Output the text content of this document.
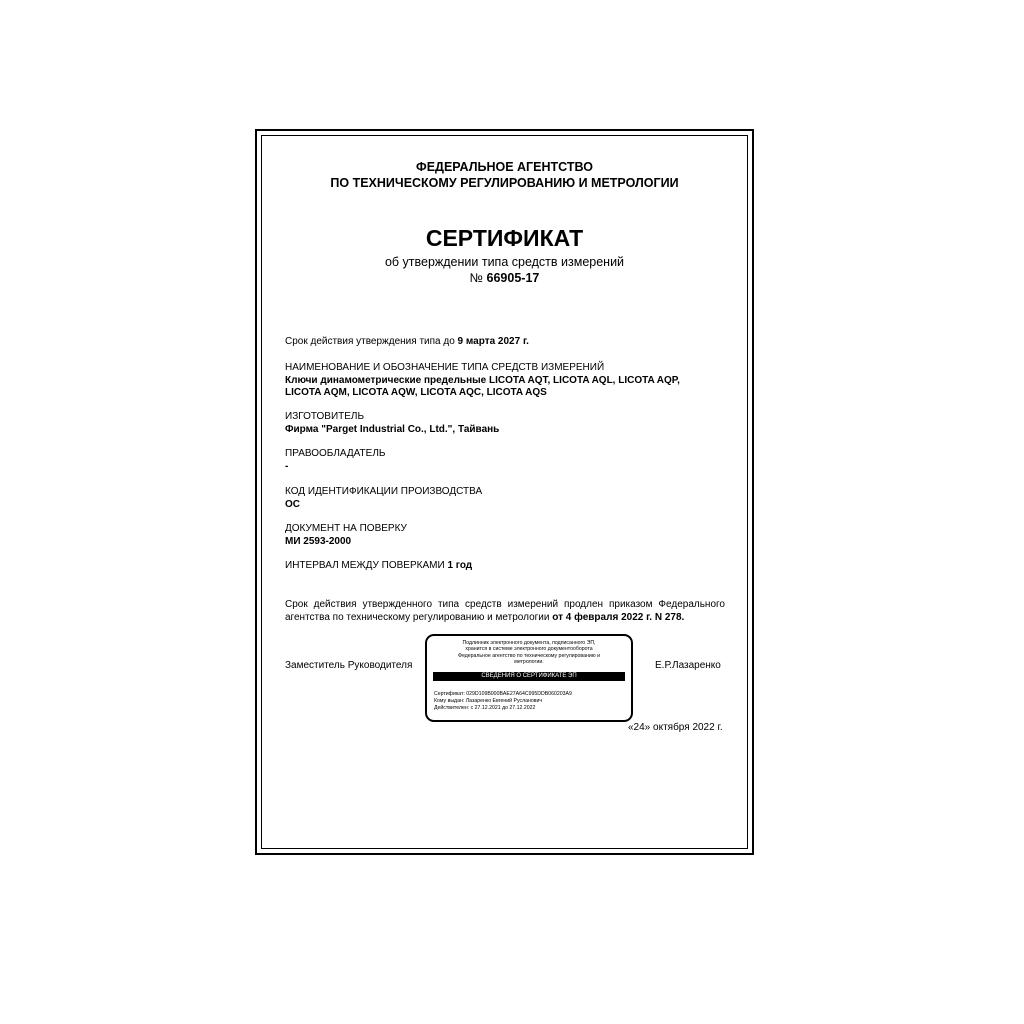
ФЕДЕРАЛЬНОЕ АГЕНТСТВО
ПО ТЕХНИЧЕСКОМУ РЕГУЛИРОВАНИЮ И МЕТРОЛОГИИ
СЕРТИФИКАТ
об утверждении типа средств измерений
№ 66905-17
Срок действия утверждения типа до 9 марта 2027 г.
НАИМЕНОВАНИЕ И ОБОЗНАЧЕНИЕ ТИПА СРЕДСТВ ИЗМЕРЕНИЙ
Ключи динамометрические предельные LICOTA AQT, LICOTA AQL, LICOTA AQP,
LICOTA AQM, LICOTA AQW, LICOTA AQC, LICOTA AQS
ИЗГОТОВИТЕЛЬ
Фирма "Parget Industrial Co., Ltd.", Тайвань
ПРАВООБЛАДАТЕЛЬ
-
КОД ИДЕНТИФИКАЦИИ ПРОИЗВОДСТВА
ОС
ДОКУМЕНТ НА ПОВЕРКУ
МИ 2593-2000
ИНТЕРВАЛ МЕЖДУ ПОВЕРКАМИ 1 год
Срок действия утвержденного типа средств измерений продлен приказом Федерального
агентства по техническому регулированию и метрологии от 4 февраля 2022 г. N 278.
Заместитель Руководителя	Е.Р.Лазаренко
Подлинник электронного документа, подписанного ЭП,
хранится в системе электронного документооборота
Федеральное агентство по техническому регулированию и
метрологии.
СВЕДЕНИЯ О СЕРТИФИКАТЕ ЭП
Сертификат: 029D109B000BAE27A64C995DDB060203A9
Кому выдан: Лазаренко Евгений Русланович
Действителен: с 27.12.2021 до 27.12.2022
«24» октября 2022 г.
